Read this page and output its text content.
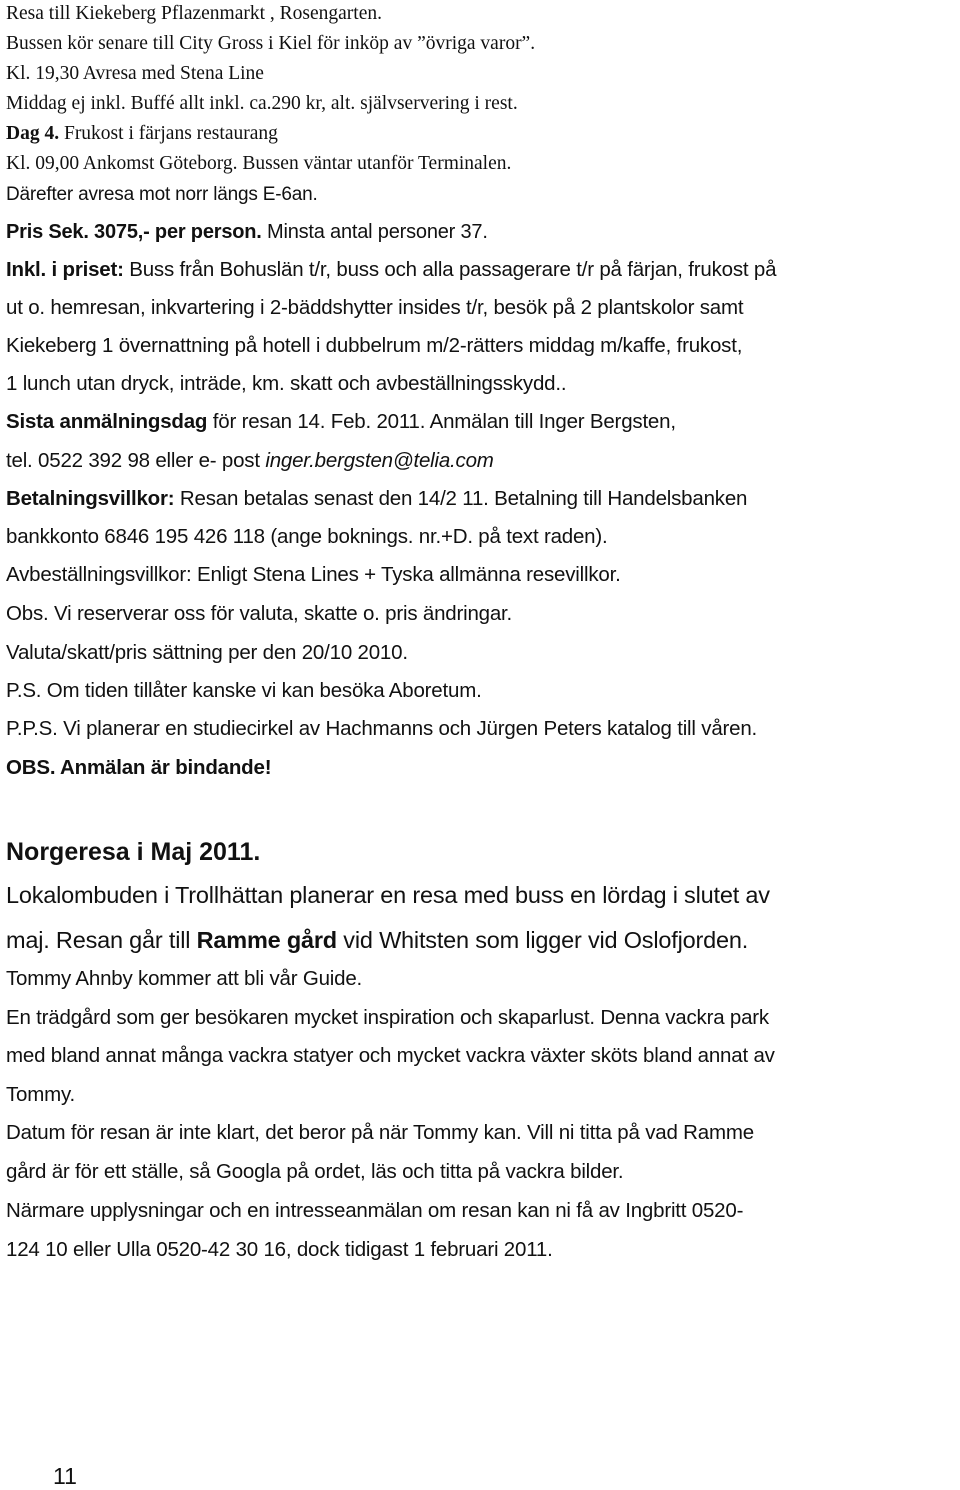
Resa till Kiekeberg Pflazenmarkt , Rosengarten.
Bussen kör senare till City Gross i Kiel för inköp av ”övriga varor”.
Kl. 19,30 Avresa med Stena Line
Middag ej inkl. Buffé allt inkl. ca.290 kr, alt. självservering i rest.
Dag 4. Frukost i färjans restaurang
Kl. 09,00 Ankomst Göteborg. Bussen väntar utanför Terminalen.
Därefter avresa mot norr längs E-6an.
Pris Sek. 3075,- per person. Minsta antal personer 37.
Inkl. i priset: Buss från Bohuslän t/r, buss och alla passagerare t/r på färjan, frukost på
ut o. hemresan, inkvartering i 2-bäddshytter insides t/r, besök på 2 plantskolor samt
Kiekeberg 1 övernattning på hotell i dubbelrum m/2-rätters middag m/kaffe, frukost,
1 lunch utan dryck, inträde, km. skatt och avbeställningsskydd..
Sista anmälningsdag för resan 14. Feb. 2011. Anmälan till Inger Bergsten,
tel. 0522 392 98 eller e- post inger.bergsten@telia.com
Betalningsvillkor: Resan betalas senast den 14/2 11. Betalning till Handelsbanken
bankkonto 6846 195 426 118 (ange boknings. nr.+D. på text raden).
Avbeställningsvillkor: Enligt Stena Lines + Tyska allmänna resevillkor.
Obs. Vi reserverar oss för valuta, skatte o. pris ändringar.
Valuta/skatt/pris sättning per den 20/10 2010.
P.S. Om tiden tillåter kanske vi kan besöka Aboretum.
P.P.S. Vi planerar en studiecirkel av Hachmanns och Jürgen Peters katalog till våren.
OBS. Anmälan är bindande!
Norgeresa i Maj 2011.
Lokalombuden i Trollhättan planerar en resa med buss en lördag i slutet av
maj. Resan går till Ramme gård vid Whitsten som ligger vid Oslofjorden.
Tommy Ahnby kommer att bli vår Guide.
En trädgård som ger besökaren mycket inspiration och skaparlust. Denna vackra park
med bland annat många vackra statyer och mycket vackra växter sköts bland annat av
Tommy.
Datum för resan är inte klart, det beror på när Tommy kan. Vill ni titta på vad Ramme
gård är för ett ställe, så Googla på ordet, läs och titta på vackra bilder.
Närmare upplysningar och en intresseanmälan om resan kan ni få av Ingbritt 0520-
124 10 eller Ulla 0520-42 30 16, dock tidigast 1 februari 2011.
11
